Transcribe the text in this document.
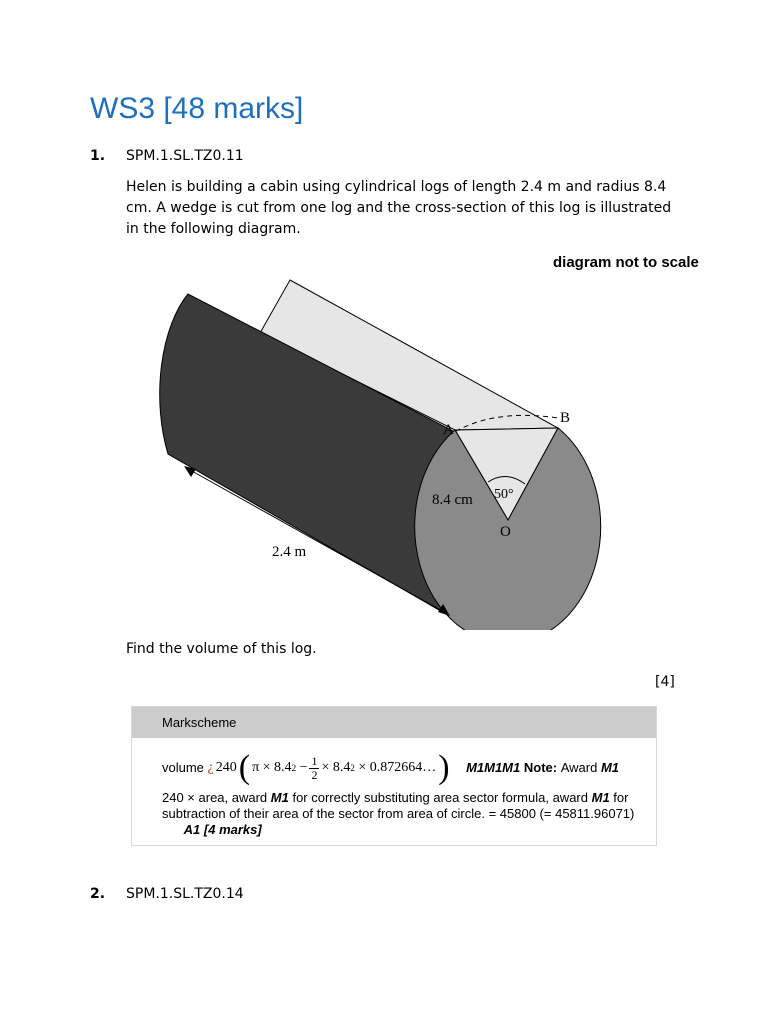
WS3 [48 marks]
1. SPM.1.SL.TZ0.11

Helen is building a cabin using cylindrical logs of length 2.4 m and radius 8.4 cm. A wedge is cut from one log and the cross-section of this log is illustrated in the following diagram.

diagram not to scale
A
B
O
50°
8.4 cm
2.4 m
Find the volume of this log.
[4]
Markscheme
volume
¿ 240 ( π × 8.4 2
− $\frac{1}{2} \times 8.4$ 2
× 0.872664… )
M1M1M1
Note:
Award
M1
240 × area, award M1 for correctly substituting area sector formula, award M1 for subtraction of their area of the sector from area of circle. = 45800 (= 45811.96071)       A1 [4 marks]
2. SPM.1.SL.TZ0.14
